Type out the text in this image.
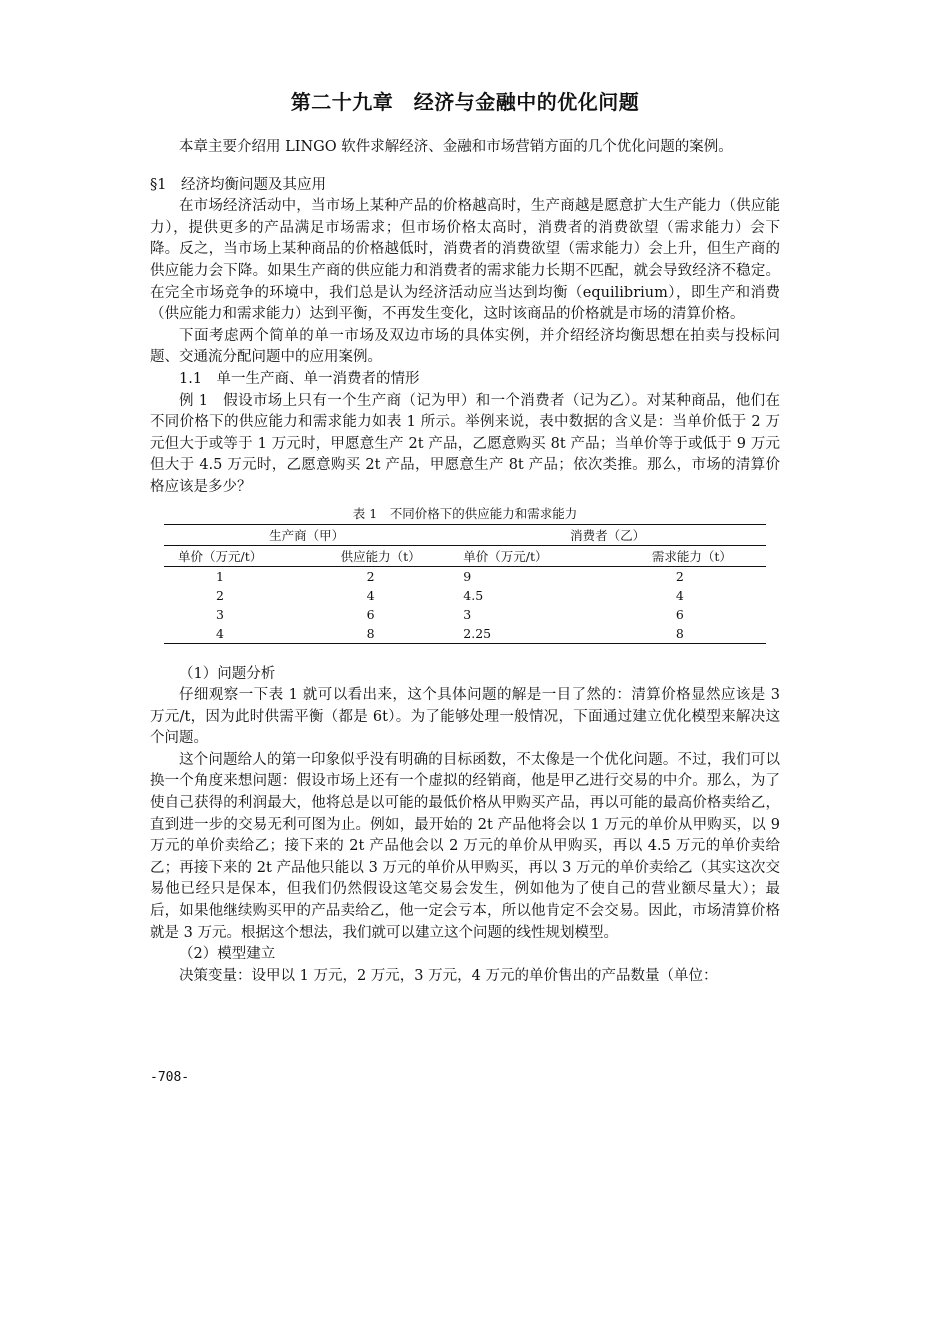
第二十九章　经济与金融中的优化问题

本章主要介绍用 LINGO 软件求解经济、金融和市场营销方面的几个优化问题的案例。

§1　经济均衡问题及其应用

在市场经济活动中，当市场上某种产品的价格越高时，生产商越是愿意扩大生产能力（供应能力），提供更多的产品满足市场需求；但市场价格太高时，消费者的消费欲望（需求能力）会下降。反之，当市场上某种商品的价格越低时，消费者的消费欲望（需求能力）会上升，但生产商的供应能力会下降。如果生产商的供应能力和消费者的需求能力长期不匹配，就会导致经济不稳定。在完全市场竞争的环境中，我们总是认为经济活动应当达到均衡（equilibrium），即生产和消费（供应能力和需求能力）达到平衡，不再发生变化，这时该商品的价格就是市场的清算价格。

下面考虑两个简单的单一市场及双边市场的具体实例，并介绍经济均衡思想在拍卖与投标问题、交通流分配问题中的应用案例。

1.1　单一生产商、单一消费者的情形

例 1　假设市场上只有一个生产商（记为甲）和一个消费者（记为乙）。对某种商品，他们在不同价格下的供应能力和需求能力如表 1 所示。举例来说，表中数据的含义是：当单价低于 2 万元但大于或等于 1 万元时，甲愿意生产 2t 产品，乙愿意购买 8t 产品；当单价等于或低于 9 万元但大于 4.5 万元时，乙愿意购买 2t 产品，甲愿意生产 8t 产品；依次类推。那么，市场的清算价格应该是多少？

表 1　不同价格下的供应能力和需求能力
生产商（甲）		消费者（乙）	
单价（万元/t）	供应能力（t）	单价（万元/t）	需求能力（t）
1	2	9	2
2	4	4.5	4
3	6	3	6
4	8	2.25	8

（1）问题分析

仔细观察一下表 1 就可以看出来，这个具体问题的解是一目了然的：清算价格显然应该是 3 万元/t，因为此时供需平衡（都是 6t）。为了能够处理一般情况，下面通过建立优化模型来解决这个问题。

这个问题给人的第一印象似乎没有明确的目标函数，不太像是一个优化问题。不过，我们可以换一个角度来想问题：假设市场上还有一个虚拟的经销商，他是甲乙进行交易的中介。那么，为了使自己获得的利润最大，他将总是以可能的最低价格从甲购买产品，再以可能的最高价格卖给乙，直到进一步的交易无利可图为止。例如，最开始的 2t 产品他将会以 1 万元的单价从甲购买，以 9 万元的单价卖给乙；接下来的 2t 产品他会以 2 万元的单价从甲购买，再以 4.5 万元的单价卖给乙；再接下来的 2t 产品他只能以 3 万元的单价从甲购买，再以 3 万元的单价卖给乙（其实这次交易他已经只是保本，但我们仍然假设这笔交易会发生，例如他为了使自己的营业额尽量大）；最后，如果他继续购买甲的产品卖给乙，他一定会亏本，所以他肯定不会交易。因此，市场清算价格就是 3 万元。根据这个想法，我们就可以建立这个问题的线性规划模型。

（2）模型建立

决策变量：设甲以 1 万元，2 万元，3 万元，4 万元的单价售出的产品数量（单位：

-708-
